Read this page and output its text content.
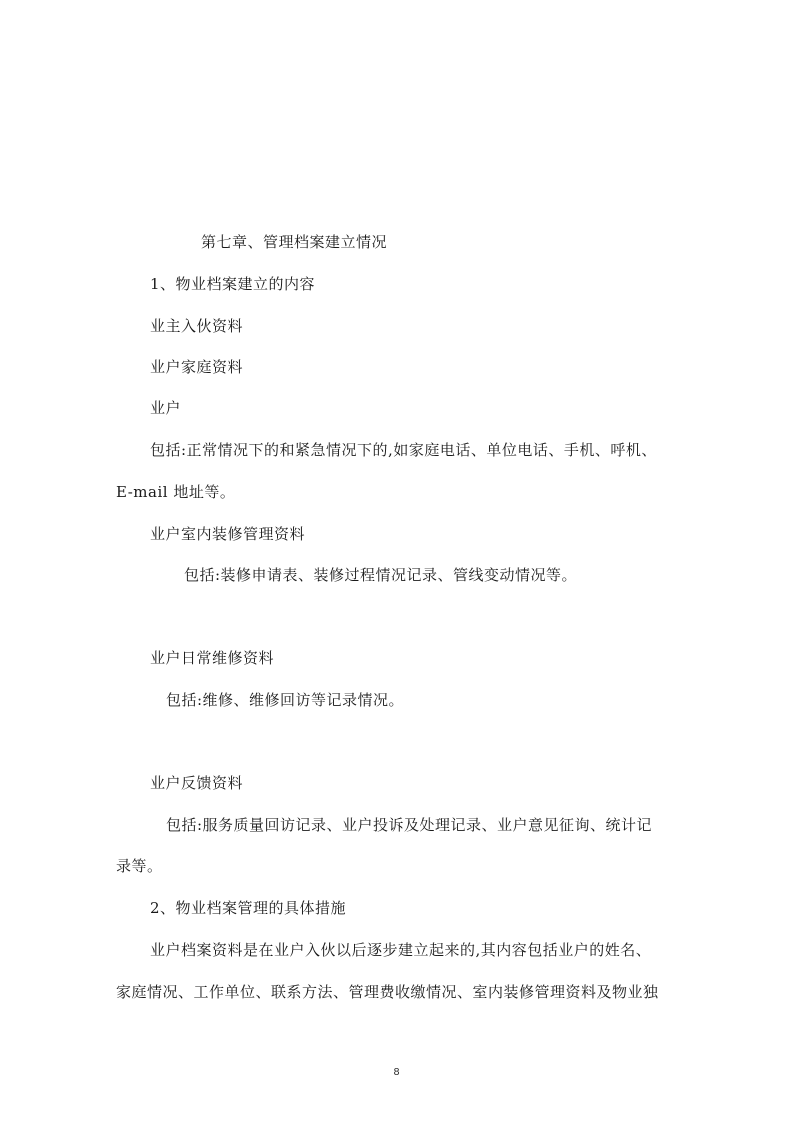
第七章、管理档案建立情况
1、物业档案建立的内容
业主入伙资料
业户家庭资料
业户
包括:正常情况下的和紧急情况下的,如家庭电话、单位电话、手机、呼机、
E-mail 地址等。
业户室内装修管理资料
包括:装修申请表、装修过程情况记录、管线变动情况等。
业户日常维修资料
包括:维修、维修回访等记录情况。
业户反馈资料
包括:服务质量回访记录、业户投诉及处理记录、业户意见征询、统计记
录等。
2、物业档案管理的具体措施
业户档案资料是在业户入伙以后逐步建立起来的,其内容包括业户的姓名、
家庭情况、工作单位、联系方法、管理费收缴情况、室内装修管理资料及物业独
8
